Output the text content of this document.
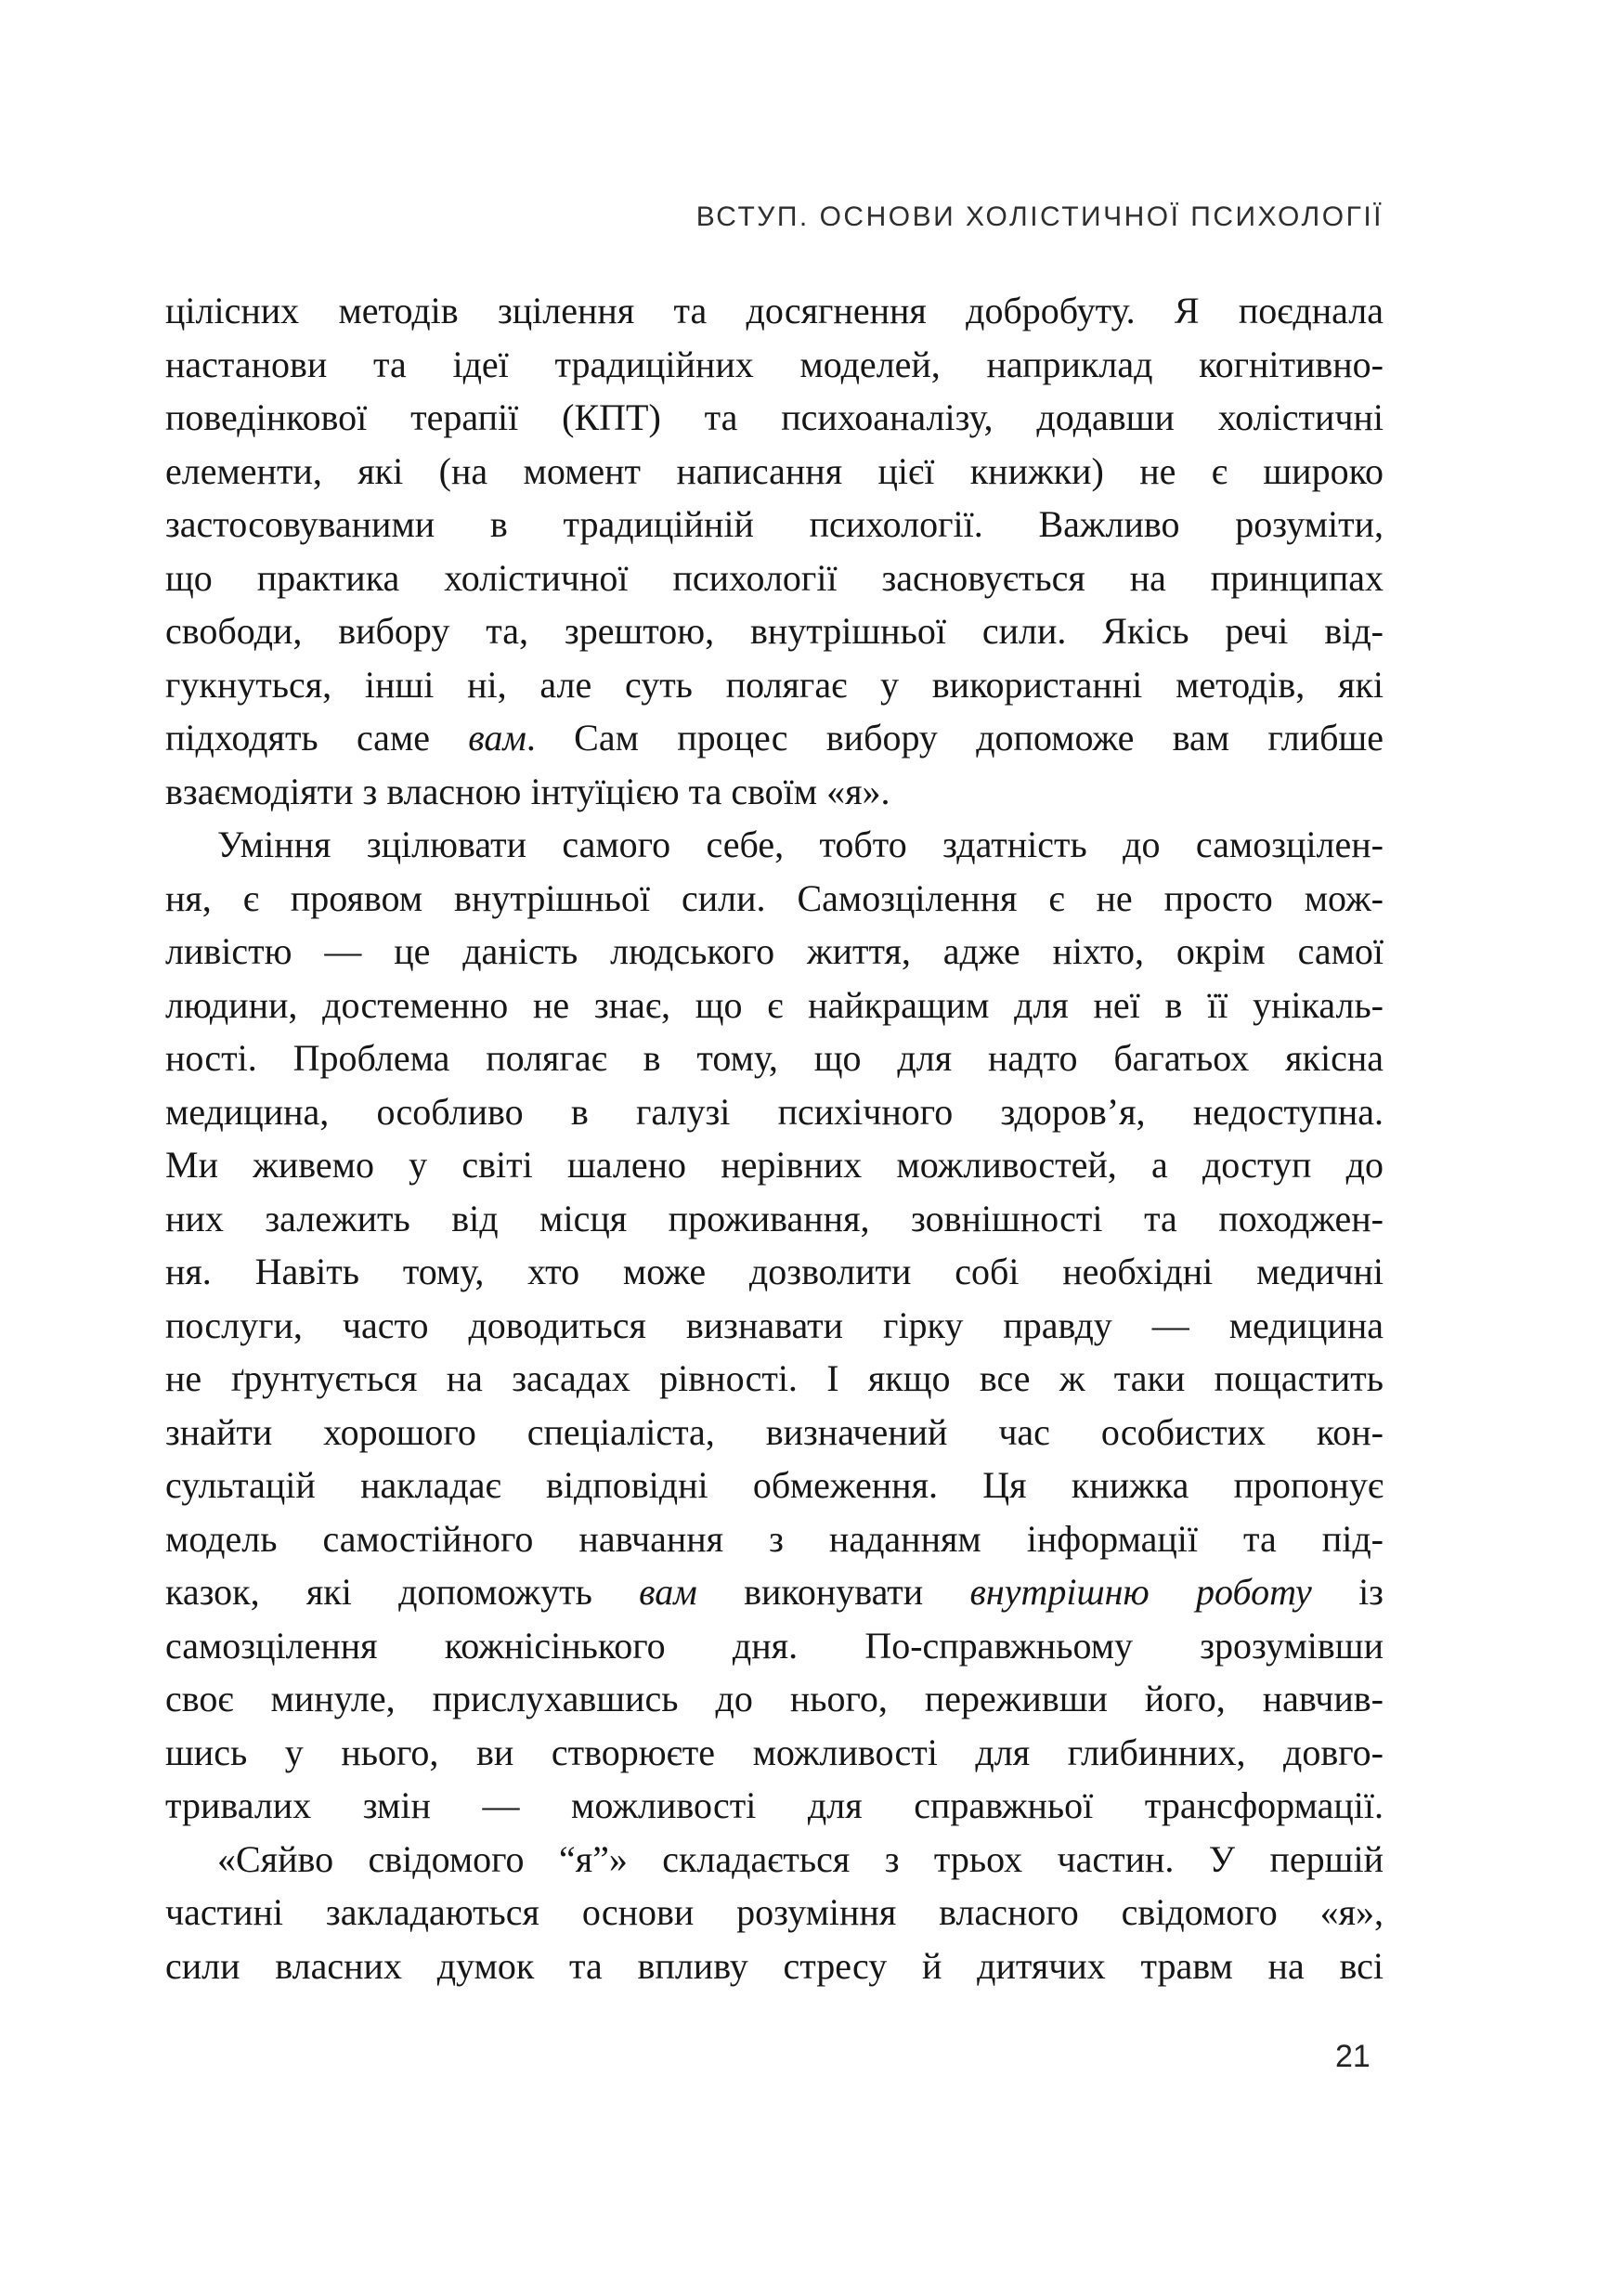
ВСТУП. ОСНОВИ ХОЛІСТИЧНОЇ ПСИХОЛОГІЇ
цілісних методів зцілення та досягнення добробуту. Я поєднала
настанови та ідеї традиційних моделей, наприклад когнітивно-
поведінкової терапії (КПТ) та психоаналізу, додавши холістичні
елементи, які (на момент написання цієї книжки) не є широко
застосовуваними в традиційній психології. Важливо розуміти,
що практика холістичної психології засновується на принципах
свободи, вибору та, зрештою, внутрішньої сили. Якісь речі від-
гукнуться, інші ні, але суть полягає у використанні методів, які
підходять саме вам. Сам процес вибору допоможе вам глибше
взаємодіяти з власною інтуїцією та своїм «я».
Уміння зцілювати самого себе, тобто здатність до самозцілен-
ня, є проявом внутрішньої сили. Самозцілення є не просто мож-
ливістю — це даність людського життя, адже ніхто, окрім самої
людини, достеменно не знає, що є найкращим для неї в її унікаль-
ності. Проблема полягає в тому, що для надто багатьох якісна
медицина, особливо в галузі психічного здоров’я, недоступна.
Ми живемо у світі шалено нерівних можливостей, а доступ до
них залежить від місця проживання, зовнішності та походжен-
ня. Навіть тому, хто може дозволити собі необхідні медичні
послуги, часто доводиться визнавати гірку правду — медицина
не ґрунтується на засадах рівності. І якщо все ж таки пощастить
знайти хорошого спеціаліста, визначений час особистих кон-
сультацій накладає відповідні обмеження. Ця книжка пропонує
модель самостійного навчання з наданням інформації та під-
казок, які допоможуть вам виконувати внутрішню роботу із
самозцілення кожнісінького дня. По-справжньому зрозумівши
своє минуле, прислухавшись до нього, переживши його, навчив-
шись у нього, ви створюєте можливості для глибинних, довго-
тривалих змін — можливості для справжньої трансформації.
«Сяйво свідомого “я”» складається з трьох частин. У першій
частині закладаються основи розуміння власного свідомого «я»,
сили власних думок та впливу стресу й дитячих травм на всі
21
